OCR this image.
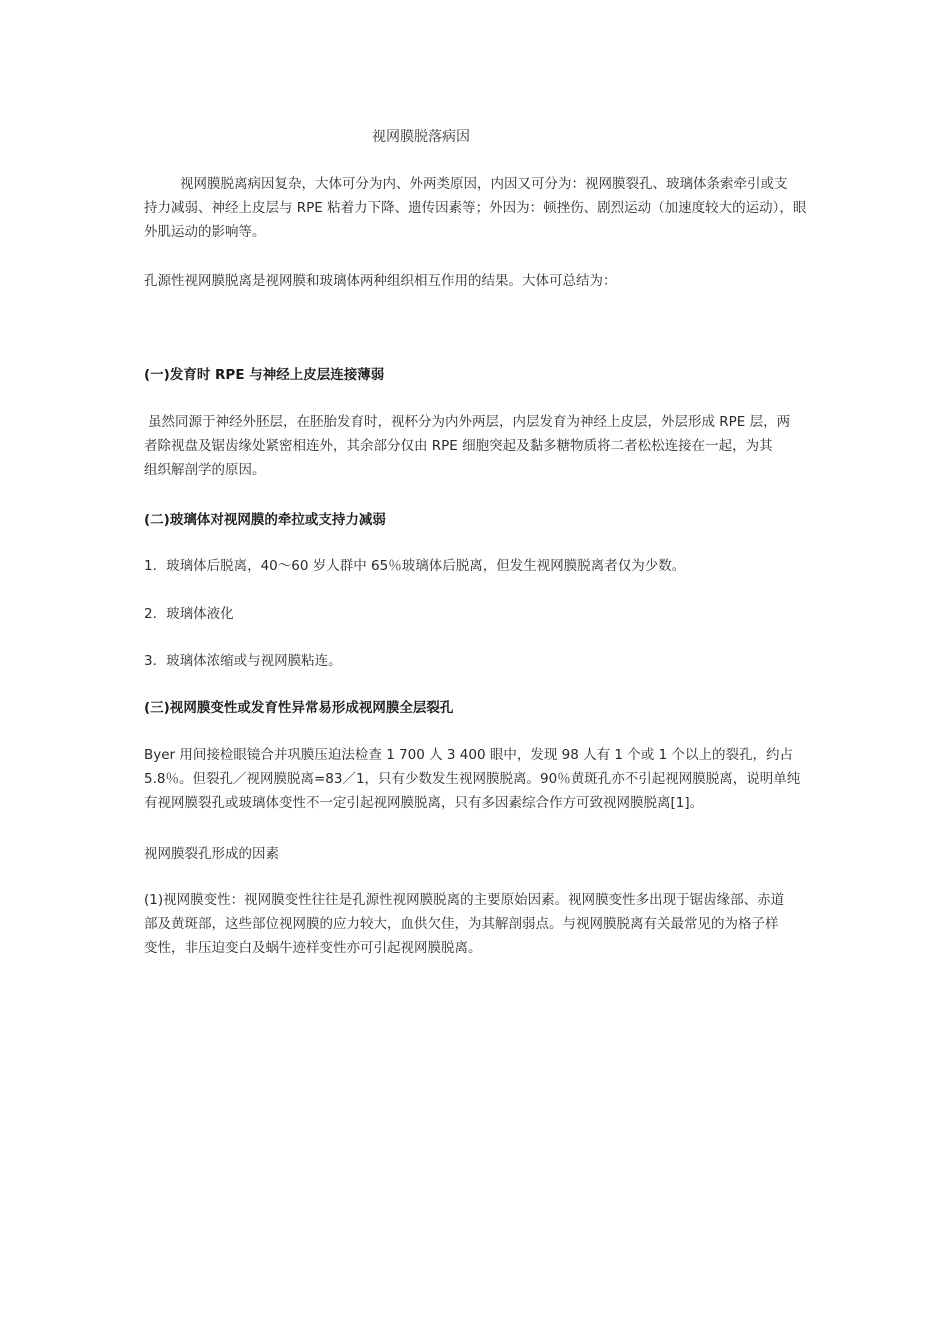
视网膜脱落病因
视网膜脱离病因复杂，大体可分为内、外两类原因，内因又可分为：视网膜裂孔、玻璃体条索牵引或支
持力减弱、神经上皮层与 RPE 粘着力下降、遗传因素等；外因为：顿挫伤、剧烈运动（加速度较大的运动），眼
外肌运动的影响等。
孔源性视网膜脱离是视网膜和玻璃体两种组织相互作用的结果。大体可总结为：
(一)发育时 RPE 与神经上皮层连接薄弱
虽然同源于神经外胚层，在胚胎发育时，视杯分为内外两层，内层发育为神经上皮层，外层形成 RPE 层，两
者除视盘及锯齿缘处紧密相连外，其余部分仅由 RPE 细胞突起及黏多糖物质将二者松松连接在一起，为其
组织解剖学的原因。
(二)玻璃体对视网膜的牵拉或支持力减弱
1．玻璃体后脱离，40～60 岁人群中 65％玻璃体后脱离，但发生视网膜脱离者仅为少数。
2．玻璃体液化
3．玻璃体浓缩或与视网膜粘连。
(三)视网膜变性或发育性异常易形成视网膜全层裂孔
Byer 用间接检眼镜合并巩膜压迫法检查 1 700 人 3 400 眼中，发现 98 人有 1 个或 1 个以上的裂孔，约占
5.8％。但裂孔／视网膜脱离=83／1，只有少数发生视网膜脱离。90％黄斑孔亦不引起视网膜脱离，说明单纯
有视网膜裂孔或玻璃体变性不一定引起视网膜脱离，只有多因素综合作方可致视网膜脱离[1]。
视网膜裂孔形成的因素
(1)视网膜变性：视网膜变性往往是孔源性视网膜脱离的主要原始因素。视网膜变性多出现于锯齿缘部、赤道
部及黄斑部，这些部位视网膜的应力较大，血供欠佳，为其解剖弱点。与视网膜脱离有关最常见的为格子样
变性，非压迫变白及蜗牛迹样变性亦可引起视网膜脱离。
